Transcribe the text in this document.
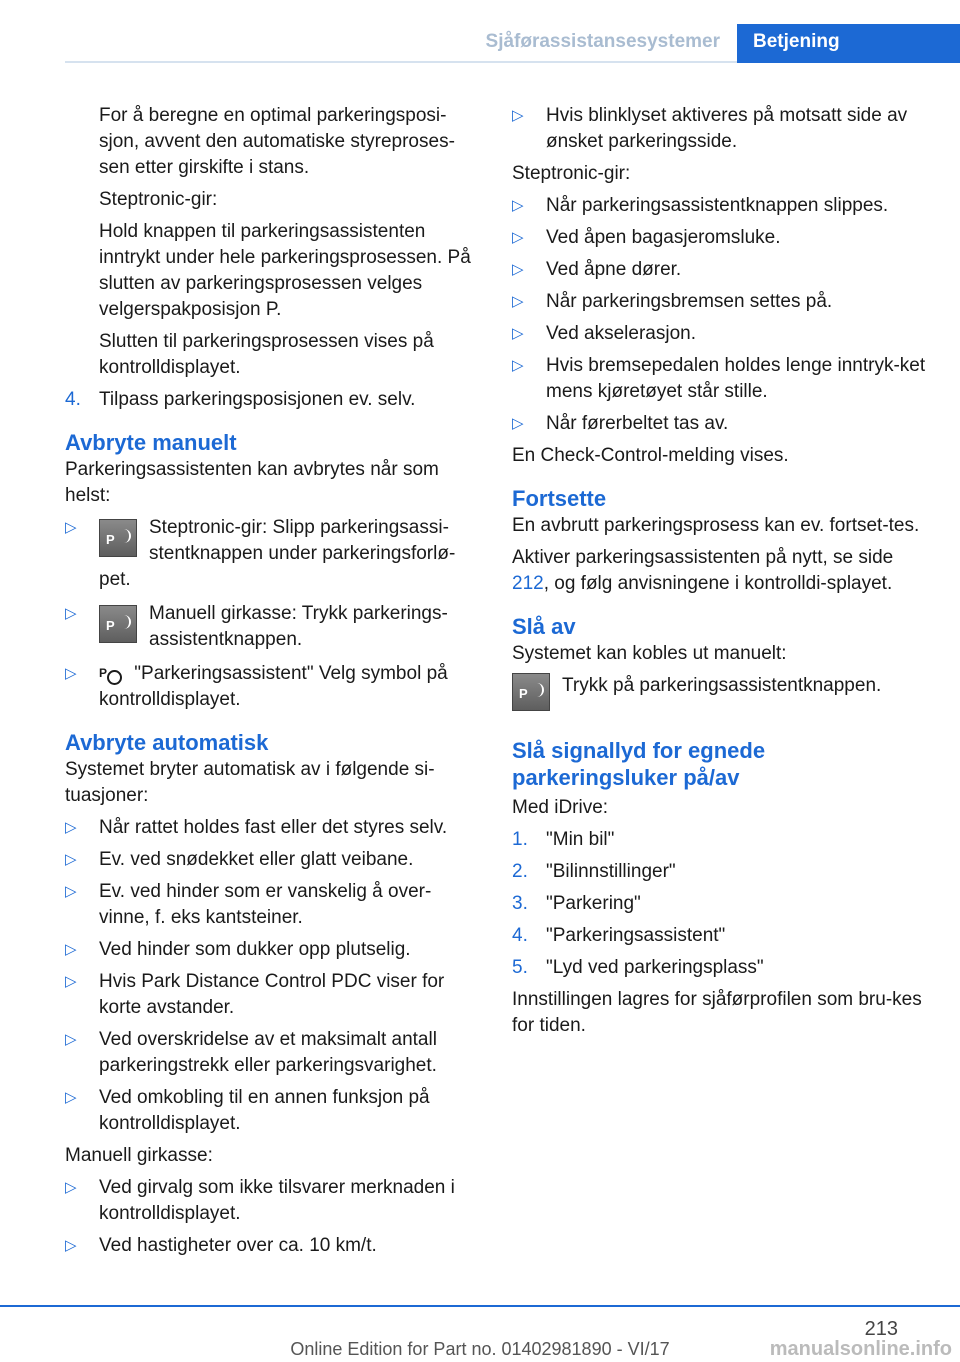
Sjåførassistansesystemer	Betjening

For å beregne en optimal parkeringsposi-sjon, avvent den automatiske styreproses-sen etter girskifte i stans.

Steptronic-gir:

Hold knappen til parkeringsassistenten inntrykt under hele parkeringsprosessen. På slutten av parkeringsprosessen velges velgerspakposisjon P.

Slutten til parkeringsprosessen vises på kontrolldisplayet.

4. Tilpass parkeringsposisjonen ev. selv.
Avbryte manuelt

Parkeringsassistenten kan avbrytes når som helst:

▷
P
Steptronic-gir: Slipp parkeringsassi-stentknappen under parkeringsforlø-pet.
▷
P
Manuell girkasse: Trykk parkerings-assistentknappen.
▷ P "Parkeringsassistent" Velg symbol på kontrolldisplayet.
Avbryte automatisk

Systemet bryter automatisk av i følgende si-tuasjoner:

▷ Når rattet holdes fast eller det styres selv.
▷ Ev. ved snødekket eller glatt veibane.
▷ Ev. ved hinder som er vanskelig å over-vinne, f. eks kantsteiner.
▷ Ved hinder som dukker opp plutselig.
▷ Hvis Park Distance Control PDC viser for korte avstander.
▷ Ved overskridelse av et maksimalt antall parkeringstrekk eller parkeringsvarighet.
▷ Ved omkobling til en annen funksjon på kontrolldisplayet.

Manuell girkasse:

▷ Ved girvalg som ikke tilsvarer merknaden i kontrolldisplayet.
▷ Ved hastigheter over ca. 10 km/t.
▷ Hvis blinklyset aktiveres på motsatt side av ønsket parkeringsside.

Steptronic-gir:

▷ Når parkeringsassistentknappen slippes.
▷ Ved åpen bagasjeromsluke.
▷ Ved åpne dører.
▷ Når parkeringsbremsen settes på.
▷ Ved akselerasjon.
▷ Hvis bremsepedalen holdes lenge inntryk-ket mens kjøretøyet står stille.
▷ Når førerbeltet tas av.

En Check-Control-melding vises.

Fortsette

En avbrutt parkeringsprosess kan ev. fortset-tes.

Aktiver parkeringsassistenten på nytt, se side 212, og følg anvisningene i kontrolldi-splayet.

Slå av

Systemet kan kobles ut manuelt:

P Trykk på parkeringsassistentknappen.
Slå signallyd for egnede parkeringsluker på/av

Med iDrive:

1. "Min bil"
2. "Bilinnstillinger"
3. "Parkering"
4. "Parkeringsassistent"
5. "Lyd ved parkeringsplass"

Innstillingen lagres for sjåførprofilen som bru-kes for tiden.

213
Online Edition for Part no. 01402981890 - VI/17	manualsonline.info
